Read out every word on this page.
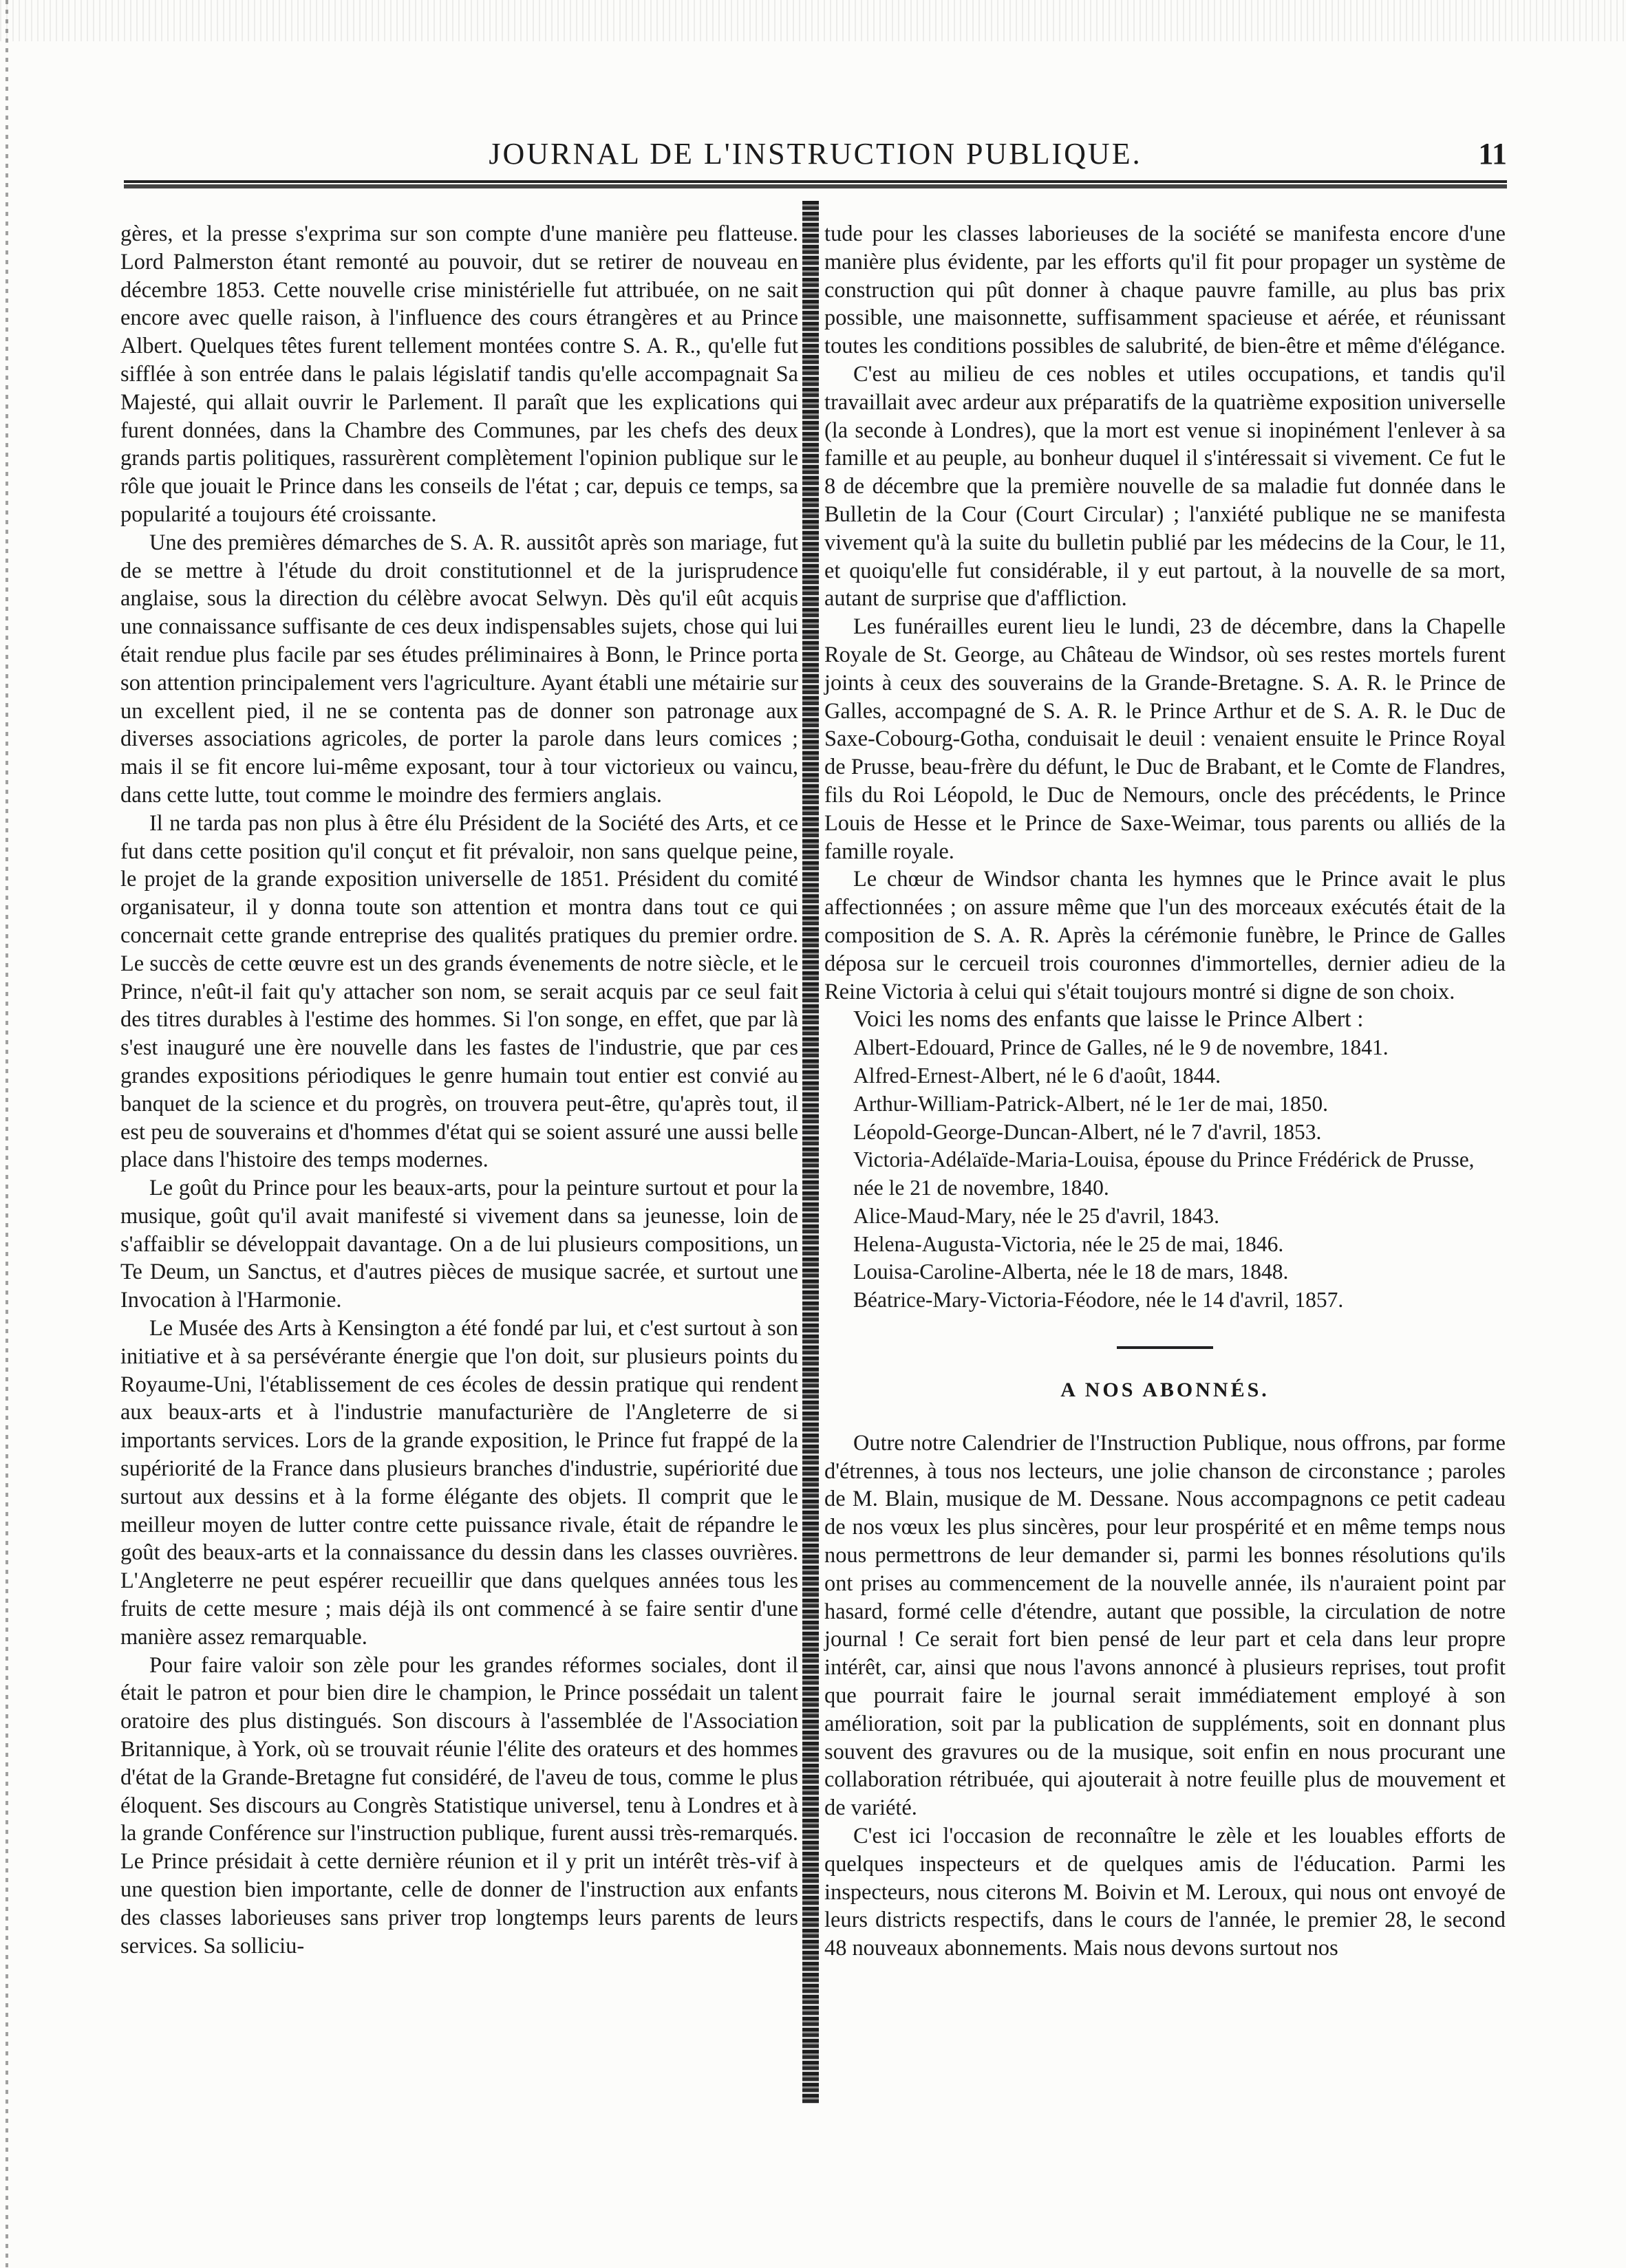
JOURNAL DE L'INSTRUCTION PUBLIQUE.	11

gères, et la presse s'exprima sur son compte d'une manière peu flatteuse. Lord Palmerston étant remonté au pouvoir, dut se retirer de nouveau en décembre 1853. Cette nouvelle crise ministérielle fut attribuée, on ne sait encore avec quelle raison, à l'influence des cours étrangères et au Prince Albert. Quelques têtes furent tellement montées contre S. A. R., qu'elle fut sifflée à son entrée dans le palais législatif tandis qu'elle accompagnait Sa Majesté, qui allait ouvrir le Parlement. Il paraît que les explications qui furent données, dans la Chambre des Communes, par les chefs des deux grands partis politiques, rassurèrent complètement l'opinion publique sur le rôle que jouait le Prince dans les conseils de l'état ; car, depuis ce temps, sa popularité a toujours été croissante.

Une des premières démarches de S. A. R. aussitôt après son mariage, fut de se mettre à l'étude du droit constitutionnel et de la jurisprudence anglaise, sous la direction du célèbre avocat Selwyn. Dès qu'il eût acquis une connaissance suffisante de ces deux indispensables sujets, chose qui lui était rendue plus facile par ses études préliminaires à Bonn, le Prince porta son attention principalement vers l'agriculture. Ayant établi une métairie sur un excellent pied, il ne se contenta pas de donner son patronage aux diverses associations agricoles, de porter la parole dans leurs comices ; mais il se fit encore lui-même exposant, tour à tour victorieux ou vaincu, dans cette lutte, tout comme le moindre des fermiers anglais.

Il ne tarda pas non plus à être élu Président de la Société des Arts, et ce fut dans cette position qu'il conçut et fit prévaloir, non sans quelque peine, le projet de la grande exposition universelle de 1851. Président du comité organisateur, il y donna toute son attention et montra dans tout ce qui concernait cette grande entreprise des qualités pratiques du premier ordre. Le succès de cette œuvre est un des grands évenements de notre siècle, et le Prince, n'eût-il fait qu'y attacher son nom, se serait acquis par ce seul fait des titres durables à l'estime des hommes. Si l'on songe, en effet, que par là s'est inauguré une ère nouvelle dans les fastes de l'industrie, que par ces grandes expositions périodiques le genre humain tout entier est convié au banquet de la science et du progrès, on trouvera peut-être, qu'après tout, il est peu de souverains et d'hommes d'état qui se soient assuré une aussi belle place dans l'histoire des temps modernes.

Le goût du Prince pour les beaux-arts, pour la peinture surtout et pour la musique, goût qu'il avait manifesté si vivement dans sa jeunesse, loin de s'affaiblir se développait davantage. On a de lui plusieurs compositions, un Te Deum, un Sanctus, et d'autres pièces de musique sacrée, et surtout une Invocation à l'Harmonie.

Le Musée des Arts à Kensington a été fondé par lui, et c'est surtout à son initiative et à sa persévérante énergie que l'on doit, sur plusieurs points du Royaume-Uni, l'établissement de ces écoles de dessin pratique qui rendent aux beaux-arts et à l'industrie manufacturière de l'Angleterre de si importants services. Lors de la grande exposition, le Prince fut frappé de la supériorité de la France dans plusieurs branches d'industrie, supériorité due surtout aux dessins et à la forme élégante des objets. Il comprit que le meilleur moyen de lutter contre cette puissance rivale, était de répandre le goût des beaux-arts et la connaissance du dessin dans les classes ouvrières. L'Angleterre ne peut espérer recueillir que dans quelques années tous les fruits de cette mesure ; mais déjà ils ont commencé à se faire sentir d'une manière assez remarquable.

Pour faire valoir son zèle pour les grandes réformes sociales, dont il était le patron et pour bien dire le champion, le Prince possédait un talent oratoire des plus distingués. Son discours à l'assemblée de l'Association Britannique, à York, où se trouvait réunie l'élite des orateurs et des hommes d'état de la Grande-Bretagne fut considéré, de l'aveu de tous, comme le plus éloquent. Ses discours au Congrès Statistique universel, tenu à Londres et à la grande Conférence sur l'instruction publique, furent aussi très-remarqués. Le Prince présidait à cette dernière réunion et il y prit un intérêt très-vif à une question bien importante, celle de donner de l'instruction aux enfants des classes laborieuses sans priver trop longtemps leurs parents de leurs services. Sa solliciu-

tude pour les classes laborieuses de la société se manifesta encore d'une manière plus évidente, par les efforts qu'il fit pour propager un système de construction qui pût donner à chaque pauvre famille, au plus bas prix possible, une maisonnette, suffisamment spacieuse et aérée, et réunissant toutes les conditions possibles de salubrité, de bien-être et même d'élégance.

C'est au milieu de ces nobles et utiles occupations, et tandis qu'il travaillait avec ardeur aux préparatifs de la quatrième exposition universelle (la seconde à Londres), que la mort est venue si inopinément l'enlever à sa famille et au peuple, au bonheur duquel il s'intéressait si vivement. Ce fut le 8 de décembre que la première nouvelle de sa maladie fut donnée dans le Bulletin de la Cour (Court Circular) ; l'anxiété publique ne se manifesta vivement qu'à la suite du bulletin publié par les médecins de la Cour, le 11, et quoiqu'elle fut considérable, il y eut partout, à la nouvelle de sa mort, autant de surprise que d'affliction.

Les funérailles eurent lieu le lundi, 23 de décembre, dans la Chapelle Royale de St. George, au Château de Windsor, où ses restes mortels furent joints à ceux des souverains de la Grande-Bretagne. S. A. R. le Prince de Galles, accompagné de S. A. R. le Prince Arthur et de S. A. R. le Duc de Saxe-Cobourg-Gotha, conduisait le deuil : venaient ensuite le Prince Royal de Prusse, beau-frère du défunt, le Duc de Brabant, et le Comte de Flandres, fils du Roi Léopold, le Duc de Nemours, oncle des précédents, le Prince Louis de Hesse et le Prince de Saxe-Weimar, tous parents ou alliés de la famille royale.

Le chœur de Windsor chanta les hymnes que le Prince avait le plus affectionnées ; on assure même que l'un des morceaux exécutés était de la composition de S. A. R. Après la cérémonie funèbre, le Prince de Galles déposa sur le cercueil trois couronnes d'immortelles, dernier adieu de la Reine Victoria à celui qui s'était toujours montré si digne de son choix.

Voici les noms des enfants que laisse le Prince Albert :

Albert-Edouard, Prince de Galles, né le 9 de novembre, 1841.
Alfred-Ernest-Albert, né le 6 d'août, 1844.
Arthur-William-Patrick-Albert, né le 1er de mai, 1850.
Léopold-George-Duncan-Albert, né le 7 d'avril, 1853.
Victoria-Adélaïde-Maria-Louisa, épouse du Prince Frédérick de Prusse, née le 21 de novembre, 1840.
Alice-Maud-Mary, née le 25 d'avril, 1843.
Helena-Augusta-Victoria, née le 25 de mai, 1846.
Louisa-Caroline-Alberta, née le 18 de mars, 1848.
Béatrice-Mary-Victoria-Féodore, née le 14 d'avril, 1857.
A NOS ABONNÉS.

Outre notre Calendrier de l'Instruction Publique, nous offrons, par forme d'étrennes, à tous nos lecteurs, une jolie chanson de circonstance ; paroles de M. Blain, musique de M. Dessane. Nous accompagnons ce petit cadeau de nos vœux les plus sincères, pour leur prospérité et en même temps nous nous permettrons de leur demander si, parmi les bonnes résolutions qu'ils ont prises au commencement de la nouvelle année, ils n'auraient point par hasard, formé celle d'étendre, autant que possible, la circulation de notre journal ! Ce serait fort bien pensé de leur part et cela dans leur propre intérêt, car, ainsi que nous l'avons annoncé à plusieurs reprises, tout profit que pourrait faire le journal serait immédiatement employé à son amélioration, soit par la publication de suppléments, soit en donnant plus souvent des gravures ou de la musique, soit enfin en nous procurant une collaboration rétribuée, qui ajouterait à notre feuille plus de mouvement et de variété.

C'est ici l'occasion de reconnaître le zèle et les louables efforts de quelques inspecteurs et de quelques amis de l'éducation. Parmi les inspecteurs, nous citerons M. Boivin et M. Leroux, qui nous ont envoyé de leurs districts respectifs, dans le cours de l'année, le premier 28, le second 48 nouveaux abonnements. Mais nous devons surtout nos
